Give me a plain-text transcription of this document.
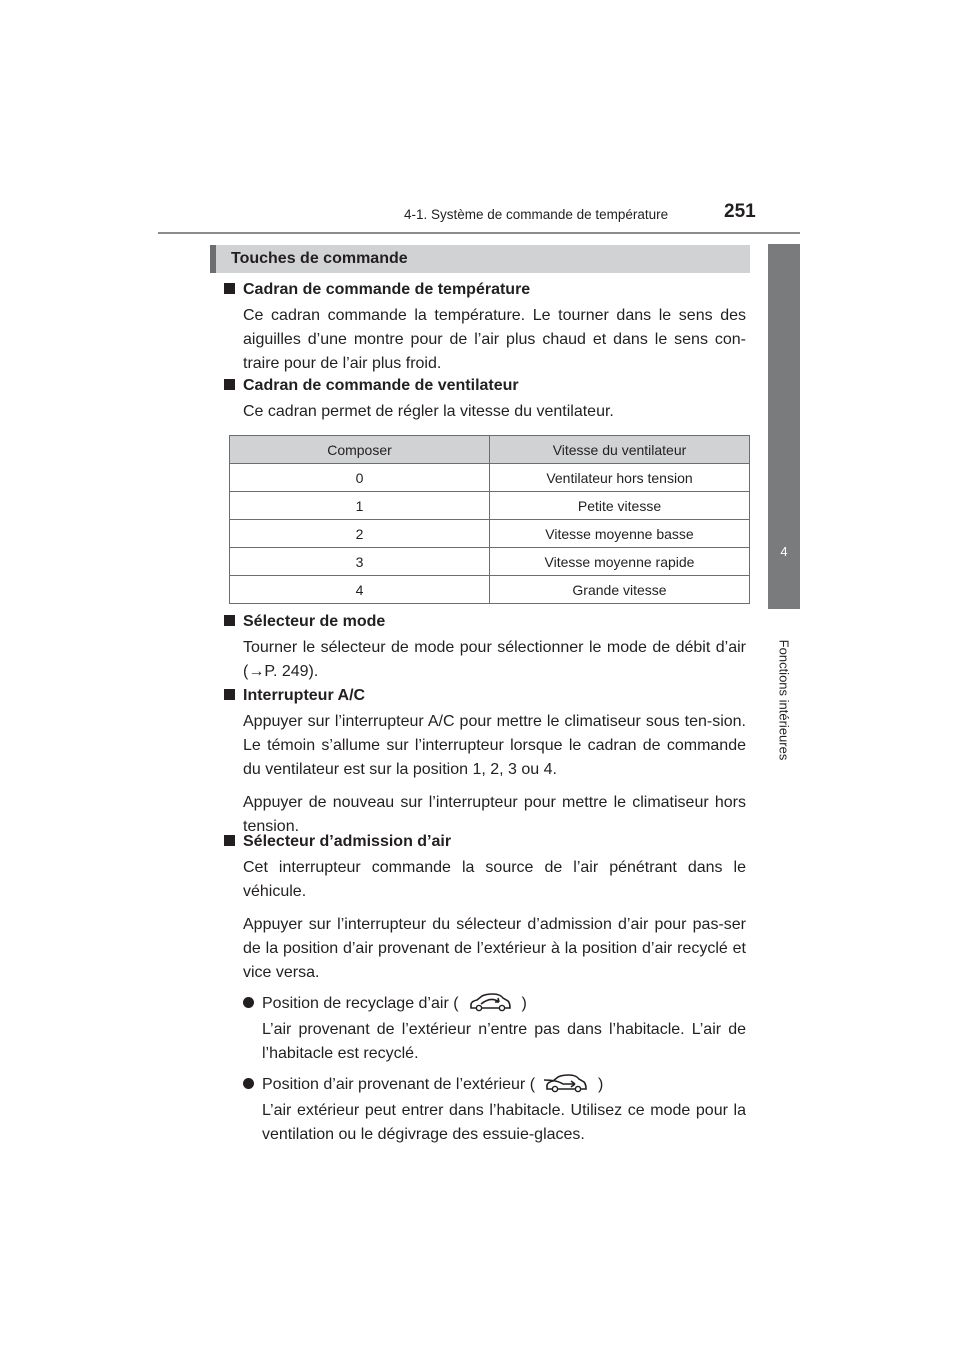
4-1. Système de commande de température	251
4
Fonctions intérieures
Touches de commande
Cadran de commande de température
Ce cadran commande la température. Le tourner dans le sens des aiguilles d’une montre pour de l’air plus chaud et dans le sens con-traire pour de l’air plus froid.
Cadran de commande de ventilateur
Ce cadran permet de régler la vitesse du ventilateur.
Composer	Vitesse du ventilateur
0	Ventilateur hors tension
1	Petite vitesse
2	Vitesse moyenne basse
3	Vitesse moyenne rapide
4	Grande vitesse
Sélecteur de mode
Tourner le sélecteur de mode pour sélectionner le mode de débit d’air (→P. 249).
Interrupteur A/C
Appuyer sur l’interrupteur A/C pour mettre le climatiseur sous ten-sion. Le témoin s’allume sur l’interrupteur lorsque le cadran de commande du ventilateur est sur la position 1, 2, 3 ou 4.
Appuyer de nouveau sur l’interrupteur pour mettre le climatiseur hors tension.
Sélecteur d’admission d’air
Cet interrupteur commande la source de l’air pénétrant dans le véhicule.
Appuyer sur l’interrupteur du sélecteur d’admission d’air pour pas-ser de la position d’air provenant de l’extérieur à la position d’air recyclé et vice versa.
Position de recyclage d’air (	)
L’air provenant de l’extérieur n’entre pas dans l’habitacle. L’air de l’habitacle est recyclé.
Position d’air provenant de l’extérieur (	)
L’air extérieur peut entrer dans l’habitacle. Utilisez ce mode pour la ventilation ou le dégivrage des essuie-glaces.
